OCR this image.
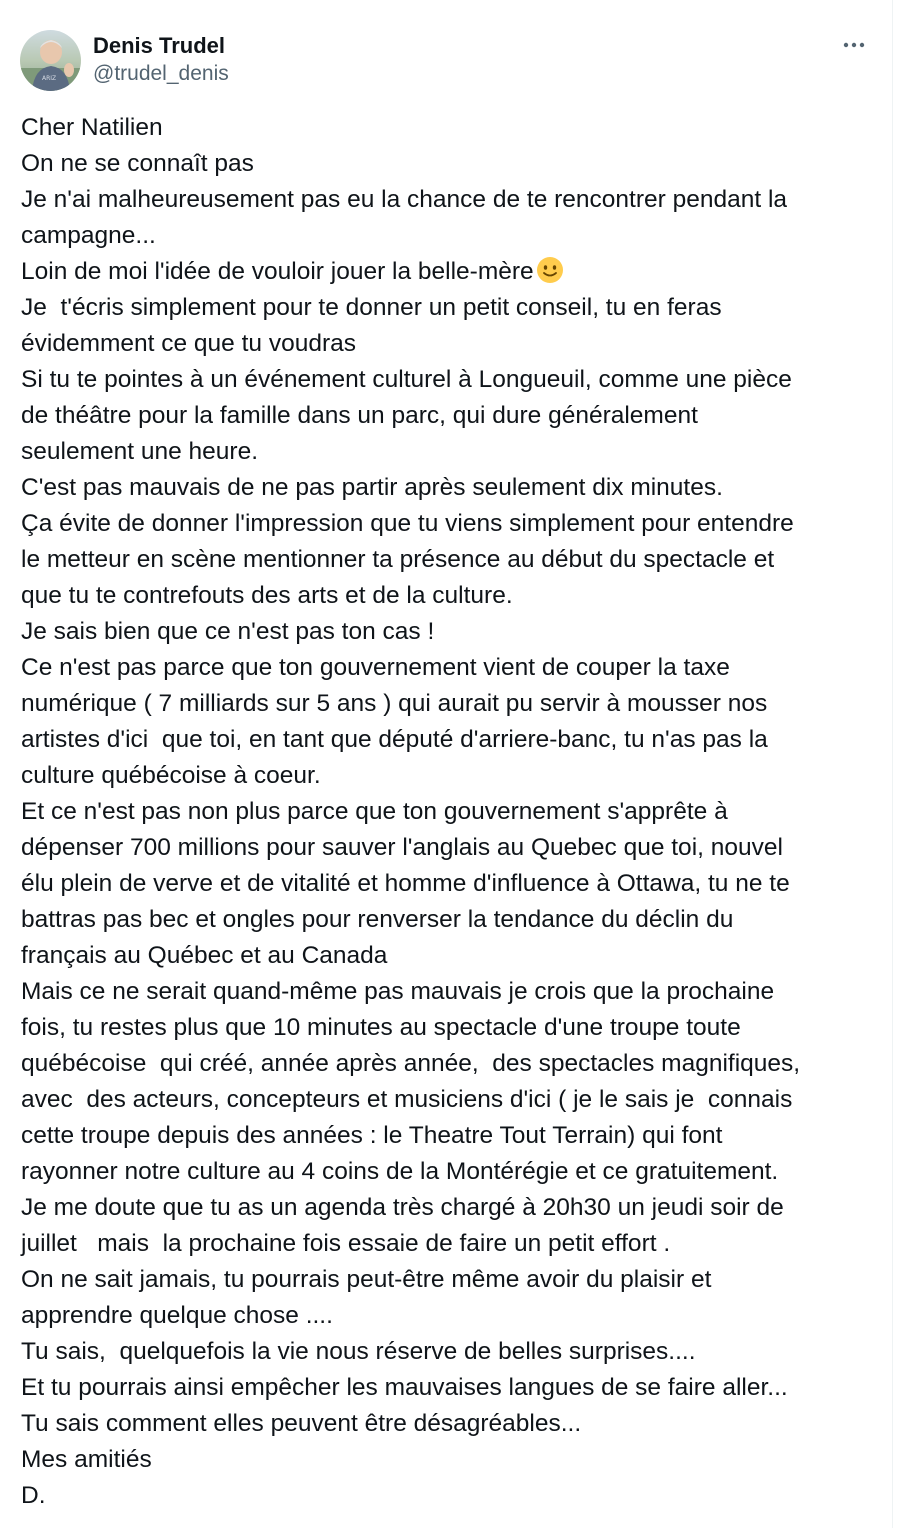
ARIZ
Denis Trudel
@trudel_denis
Cher Natilien
On ne se connaît pas
Je n'ai malheureusement pas eu la chance de te rencontrer pendant la
campagne...
Loin de moi l'idée de vouloir jouer la belle-mère
Je  t'écris simplement pour te donner un petit conseil, tu en feras
évidemment ce que tu voudras
Si tu te pointes à un événement culturel à Longueuil, comme une pièce
de théâtre pour la famille dans un parc, qui dure généralement
seulement une heure.
C'est pas mauvais de ne pas partir après seulement dix minutes.
Ça évite de donner l'impression que tu viens simplement pour entendre
le metteur en scène mentionner ta présence au début du spectacle et
que tu te contrefouts des arts et de la culture.
Je sais bien que ce n'est pas ton cas !
Ce n'est pas parce que ton gouvernement vient de couper la taxe
numérique ( 7 milliards sur 5 ans ) qui aurait pu servir à mousser nos
artistes d'ici  que toi, en tant que député d'arriere-banc, tu n'as pas la
culture québécoise à coeur.
Et ce n'est pas non plus parce que ton gouvernement s'apprête à
dépenser 700 millions pour sauver l'anglais au Quebec que toi, nouvel
élu plein de verve et de vitalité et homme d'influence à Ottawa, tu ne te
battras pas bec et ongles pour renverser la tendance du déclin du
français au Québec et au Canada
Mais ce ne serait quand-même pas mauvais je crois que la prochaine
fois, tu restes plus que 10 minutes au spectacle d'une troupe toute
québécoise  qui créé, année après année,  des spectacles magnifiques,
avec  des acteurs, concepteurs et musiciens d'ici ( je le sais je  connais
cette troupe depuis des années : le Theatre Tout Terrain) qui font
rayonner notre culture au 4 coins de la Montérégie et ce gratuitement.
Je me doute que tu as un agenda très chargé à 20h30 un jeudi soir de
juillet   mais  la prochaine fois essaie de faire un petit effort .
On ne sait jamais, tu pourrais peut-être même avoir du plaisir et
apprendre quelque chose ....
Tu sais,  quelquefois la vie nous réserve de belles surprises....
Et tu pourrais ainsi empêcher les mauvaises langues de se faire aller...
Tu sais comment elles peuvent être désagréables...
Mes amitiés
D.
